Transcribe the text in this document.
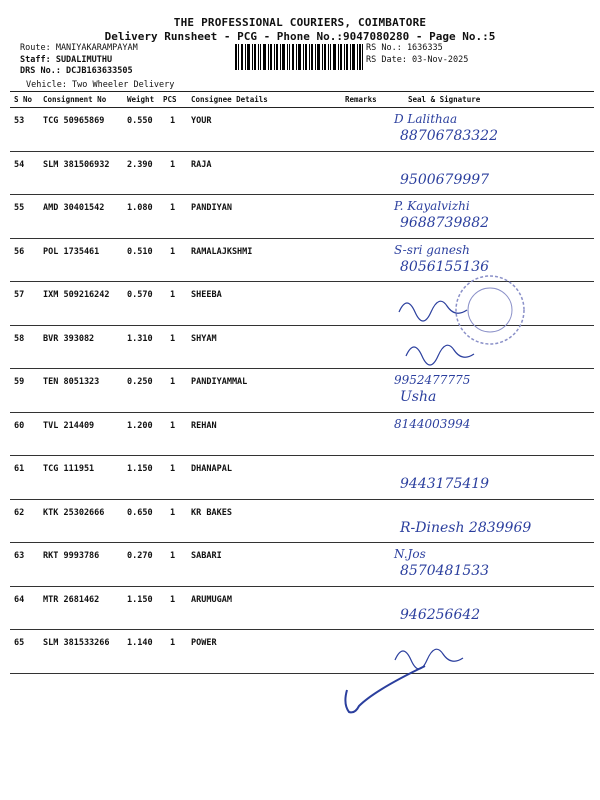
THE PROFESSIONAL COURIERS, COIMBATORE
Delivery Runsheet - PCG - Phone No.:9047080280 - Page No.:5
Route: MANIYAKARAMPAYAM
Staff: SUDALIMUTHU
DRS No.: DCJB163633505
Vehicle: Two Wheeler Delivery
RS No.: 1636335
RS Date: 03-Nov-2025
S No Consignment No	Weight PCS Consignee Details	Remarks	Seal & Signature
53 TCG 50965869	0.550 1 YOUR	D Lalithaa
88706783322
54 SLM 381506932 2.390 1 RAJA
9500679997
55 AMD 30401542	1.080 1 PANDIYAN	P. Kayalvizhi
9688739882
56 POL 1735461	0.510 1 RAMALAJKSHMI	S-sri ganesh
8056155136
57 IXM 509216242 0.570 1 SHEEBA
58 BVR 393082	1.310 1 SHYAM
59 TEN 8051323	0.250 1 PANDIYAMMAL	9952477775
Usha
60 TVL 214409	1.200 1 REHAN	8144003994
61 TCG 111951	1.150 1 DHANAPAL
9443175419
62 KTK 25302666	0.650 1 KR BAKES
R-Dinesh 2839969
63 RKT 9993786	0.270 1 SABARI	N.Jos
8570481533
64 MTR 2681462	1.150 1 ARUMUGAM
946256642
65 SLM 381533266 1.140 1 POWER
